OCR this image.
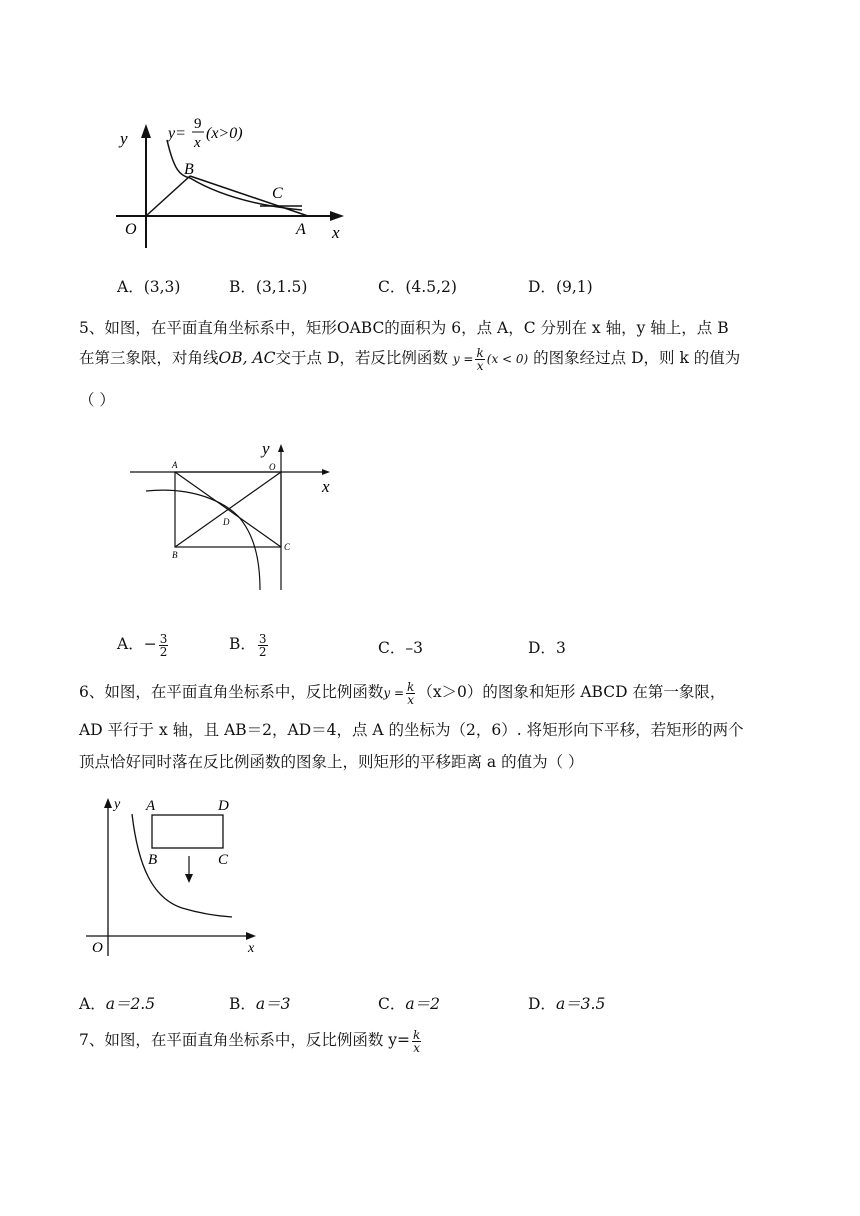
y
x
O
B
C
A
y=
9
x
(x>0)
A．(3,3)	B．(3,1.5)	C．(4.5,2)	D．(9,1)
5、如图，在平面直角坐标系中，矩形OABC的面积为 6，点 A，C 分别在 x 轴，y 轴上，点 B
在第三象限，对角线OB, AC交于点 D，若反比例函数 $y = \frac{k}{x} (x < 0)$ 的图象经过点 D，则 k 的值为
（ ）
y
x
A	O
D
B
C
A．− $\frac{3}{2}$	B． $\frac{3}{2}$	C．–3	D．3
6、如图，在平面直角坐标系中，反比例函数$y = \frac{k}{x} (x>0)$的图象和矩形 ABCD 在第一象限，
AD 平行于 x 轴，且 AB＝2，AD＝4，点 A 的坐标为（2，6）. 将矩形向下平移，若矩形的两个
顶点恰好同时落在反比例函数的图象上，则矩形的平移距离 a 的值为（ ）
y
x
O
A	D
B	C
A．a＝2.5	B．a＝3	C．a＝2	D．a＝3.5
7、如图，在平面直角坐标系中，反比例函数 $y= \frac{k}{x}$
